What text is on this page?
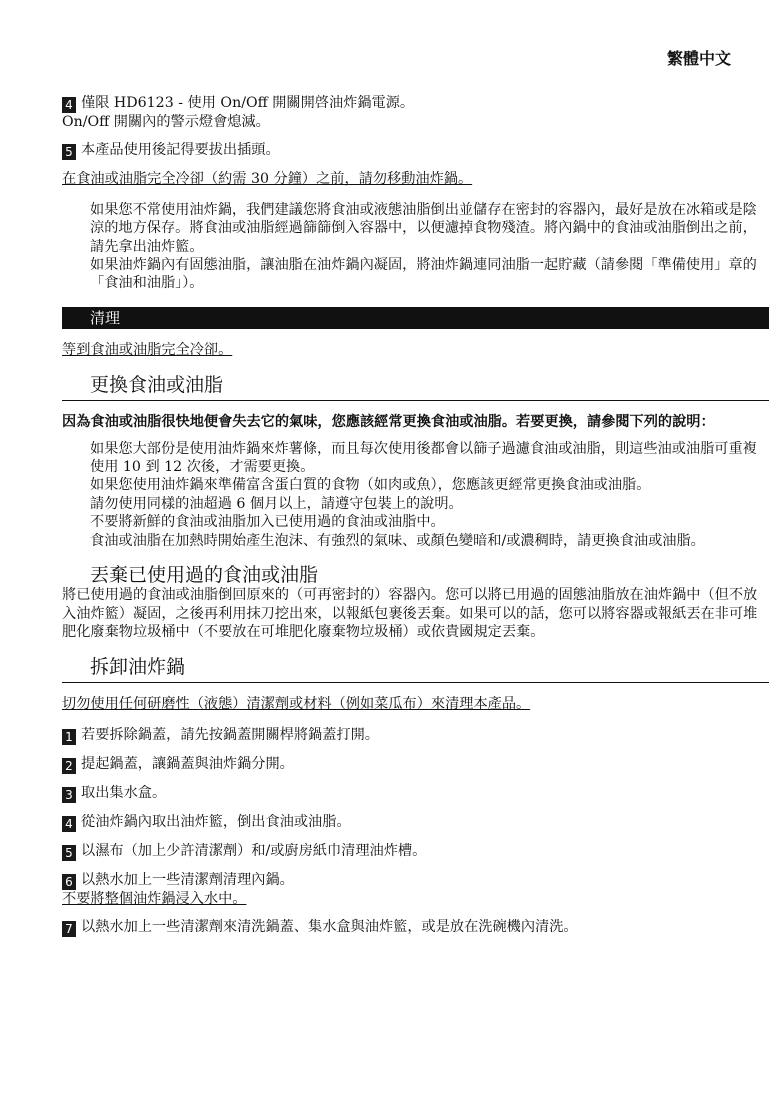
繁體中文
4 僅限 HD6123 - 使用 On/Off 開關開啓油炸鍋電源。
On/Off 開關內的警示燈會熄滅。
5 本產品使用後記得要拔出插頭。

在食油或油脂完全冷卻（約需 30 分鐘）之前，請勿移動油炸鍋。

如果您不常使用油炸鍋，我們建議您將食油或液態油脂倒出並儲存在密封的容器內，最好是放在冰箱或是陰涼的地方保存。將食油或油脂經過篩篩倒入容器中，以便濾掉食物殘渣。將內鍋中的食油或油脂倒出之前，請先拿出油炸籃。

如果油炸鍋內有固態油脂，讓油脂在油炸鍋內凝固，將油炸鍋連同油脂一起貯藏（請參閱「準備使用」章的「食油和油脂」）。

清理

等到食油或油脂完全冷卻。

更換食油或油脂

因為食油或油脂很快地便會失去它的氣味，您應該經常更換食油或油脂。若要更換，請參閱下列的說明：

如果您大部份是使用油炸鍋來炸薯條，而且每次使用後都會以篩子過濾食油或油脂，則這些油或油脂可重複使用 10 到 12 次後，才需要更換。

如果您使用油炸鍋來準備富含蛋白質的食物（如肉或魚），您應該更經常更換食油或油脂。

請勿使用同樣的油超過 6 個月以上，請遵守包裝上的說明。

不要將新鮮的食油或油脂加入已使用過的食油或油脂中。

食油或油脂在加熱時開始產生泡沫、有強烈的氣味、或顏色變暗和/或濃稠時，請更換食油或油脂。

丟棄已使用過的食油或油脂

將已使用過的食油或油脂倒回原來的（可再密封的）容器內。您可以將已用過的固態油脂放在油炸鍋中（但不放入油炸籃）凝固，之後再利用抹刀挖出來，以報紙包裹後丟棄。如果可以的話，您可以將容器或報紙丟在非可堆肥化廢棄物垃圾桶中（不要放在可堆肥化廢棄物垃圾桶）或依貴國規定丟棄。

拆卸油炸鍋

切勿使用任何研磨性（液態）清潔劑或材料（例如菜瓜布）來清理本產品。

1 若要拆除鍋蓋，請先按鍋蓋開關桿將鍋蓋打開。
2 提起鍋蓋，讓鍋蓋與油炸鍋分開。
3 取出集水盒。
4 從油炸鍋內取出油炸籃，倒出食油或油脂。
5 以濕布（加上少許清潔劑）和/或廚房紙巾清理油炸槽。
6 以熱水加上一些清潔劑清理內鍋。
不要將整個油炸鍋浸入水中。
7 以熱水加上一些清潔劑來清洗鍋蓋、集水盒與油炸籃，或是放在洗碗機內清洗。
